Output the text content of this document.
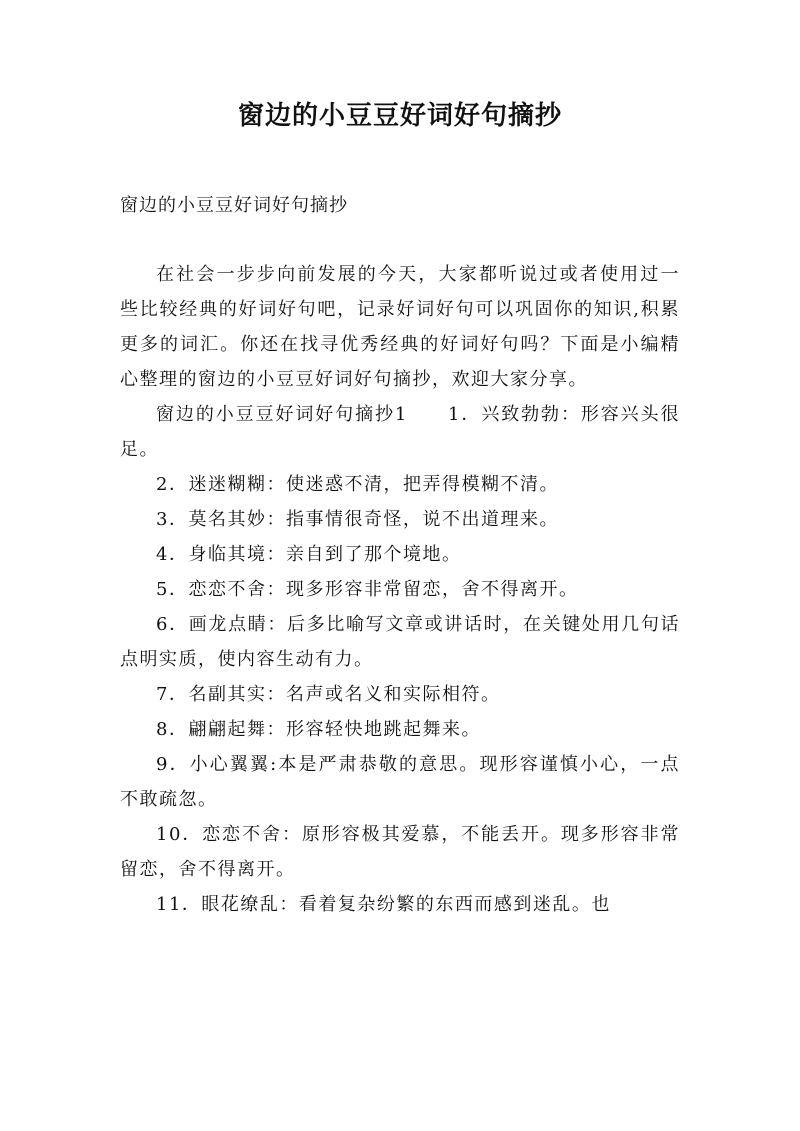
窗边的小豆豆好词好句摘抄
窗边的小豆豆好词好句摘抄

在社会一步步向前发展的今天，大家都听说过或者使用过一些比较经典的好词好句吧，记录好词好句可以巩固你的知识,积累更多的词汇。你还在找寻优秀经典的好词好句吗？下面是小编精心整理的窗边的小豆豆好词好句摘抄，欢迎大家分享。

窗边的小豆豆好词好句摘抄1　　1．兴致勃勃：形容兴头很足。

2．迷迷糊糊：使迷惑不清，把弄得模糊不清。

3．莫名其妙：指事情很奇怪，说不出道理来。

4．身临其境：亲自到了那个境地。

5．恋恋不舍：现多形容非常留恋，舍不得离开。

6．画龙点睛：后多比喻写文章或讲话时，在关键处用几句话点明实质，使内容生动有力。

7．名副其实：名声或名义和实际相符。

8．翩翩起舞：形容轻快地跳起舞来。

9．小心翼翼:本是严肃恭敬的意思。现形容谨慎小心，一点不敢疏忽。

10．恋恋不舍：原形容极其爱慕，不能丢开。现多形容非常留恋，舍不得离开。

11．眼花缭乱：看着复杂纷繁的东西而感到迷乱。也
